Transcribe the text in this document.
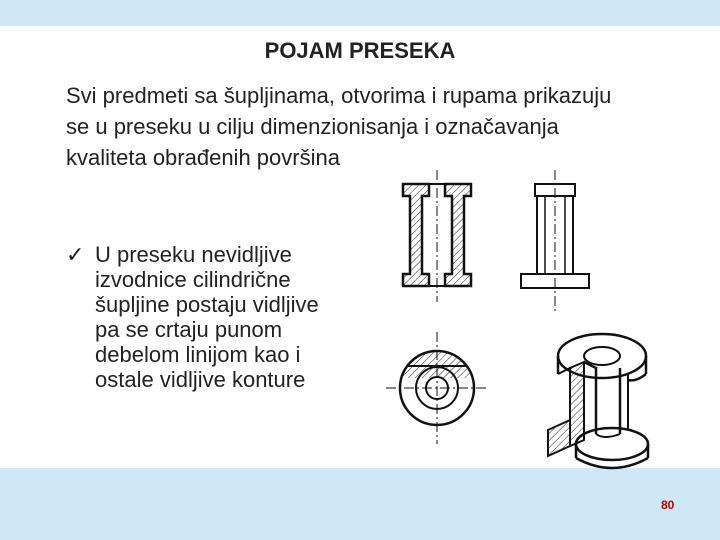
POJAM PRESEKA
Svi predmeti sa šupljinama, otvorima i rupama prikazuju
se u preseku u cilju dimenzionisanja i označavanja
kvaliteta obrađenih površina
✓ U preseku nevidljive
izvodnice cilindrične
šupljine postaju vidljive
pa se crtaju punom
debelom linijom kao i
ostale vidljive konture
80
